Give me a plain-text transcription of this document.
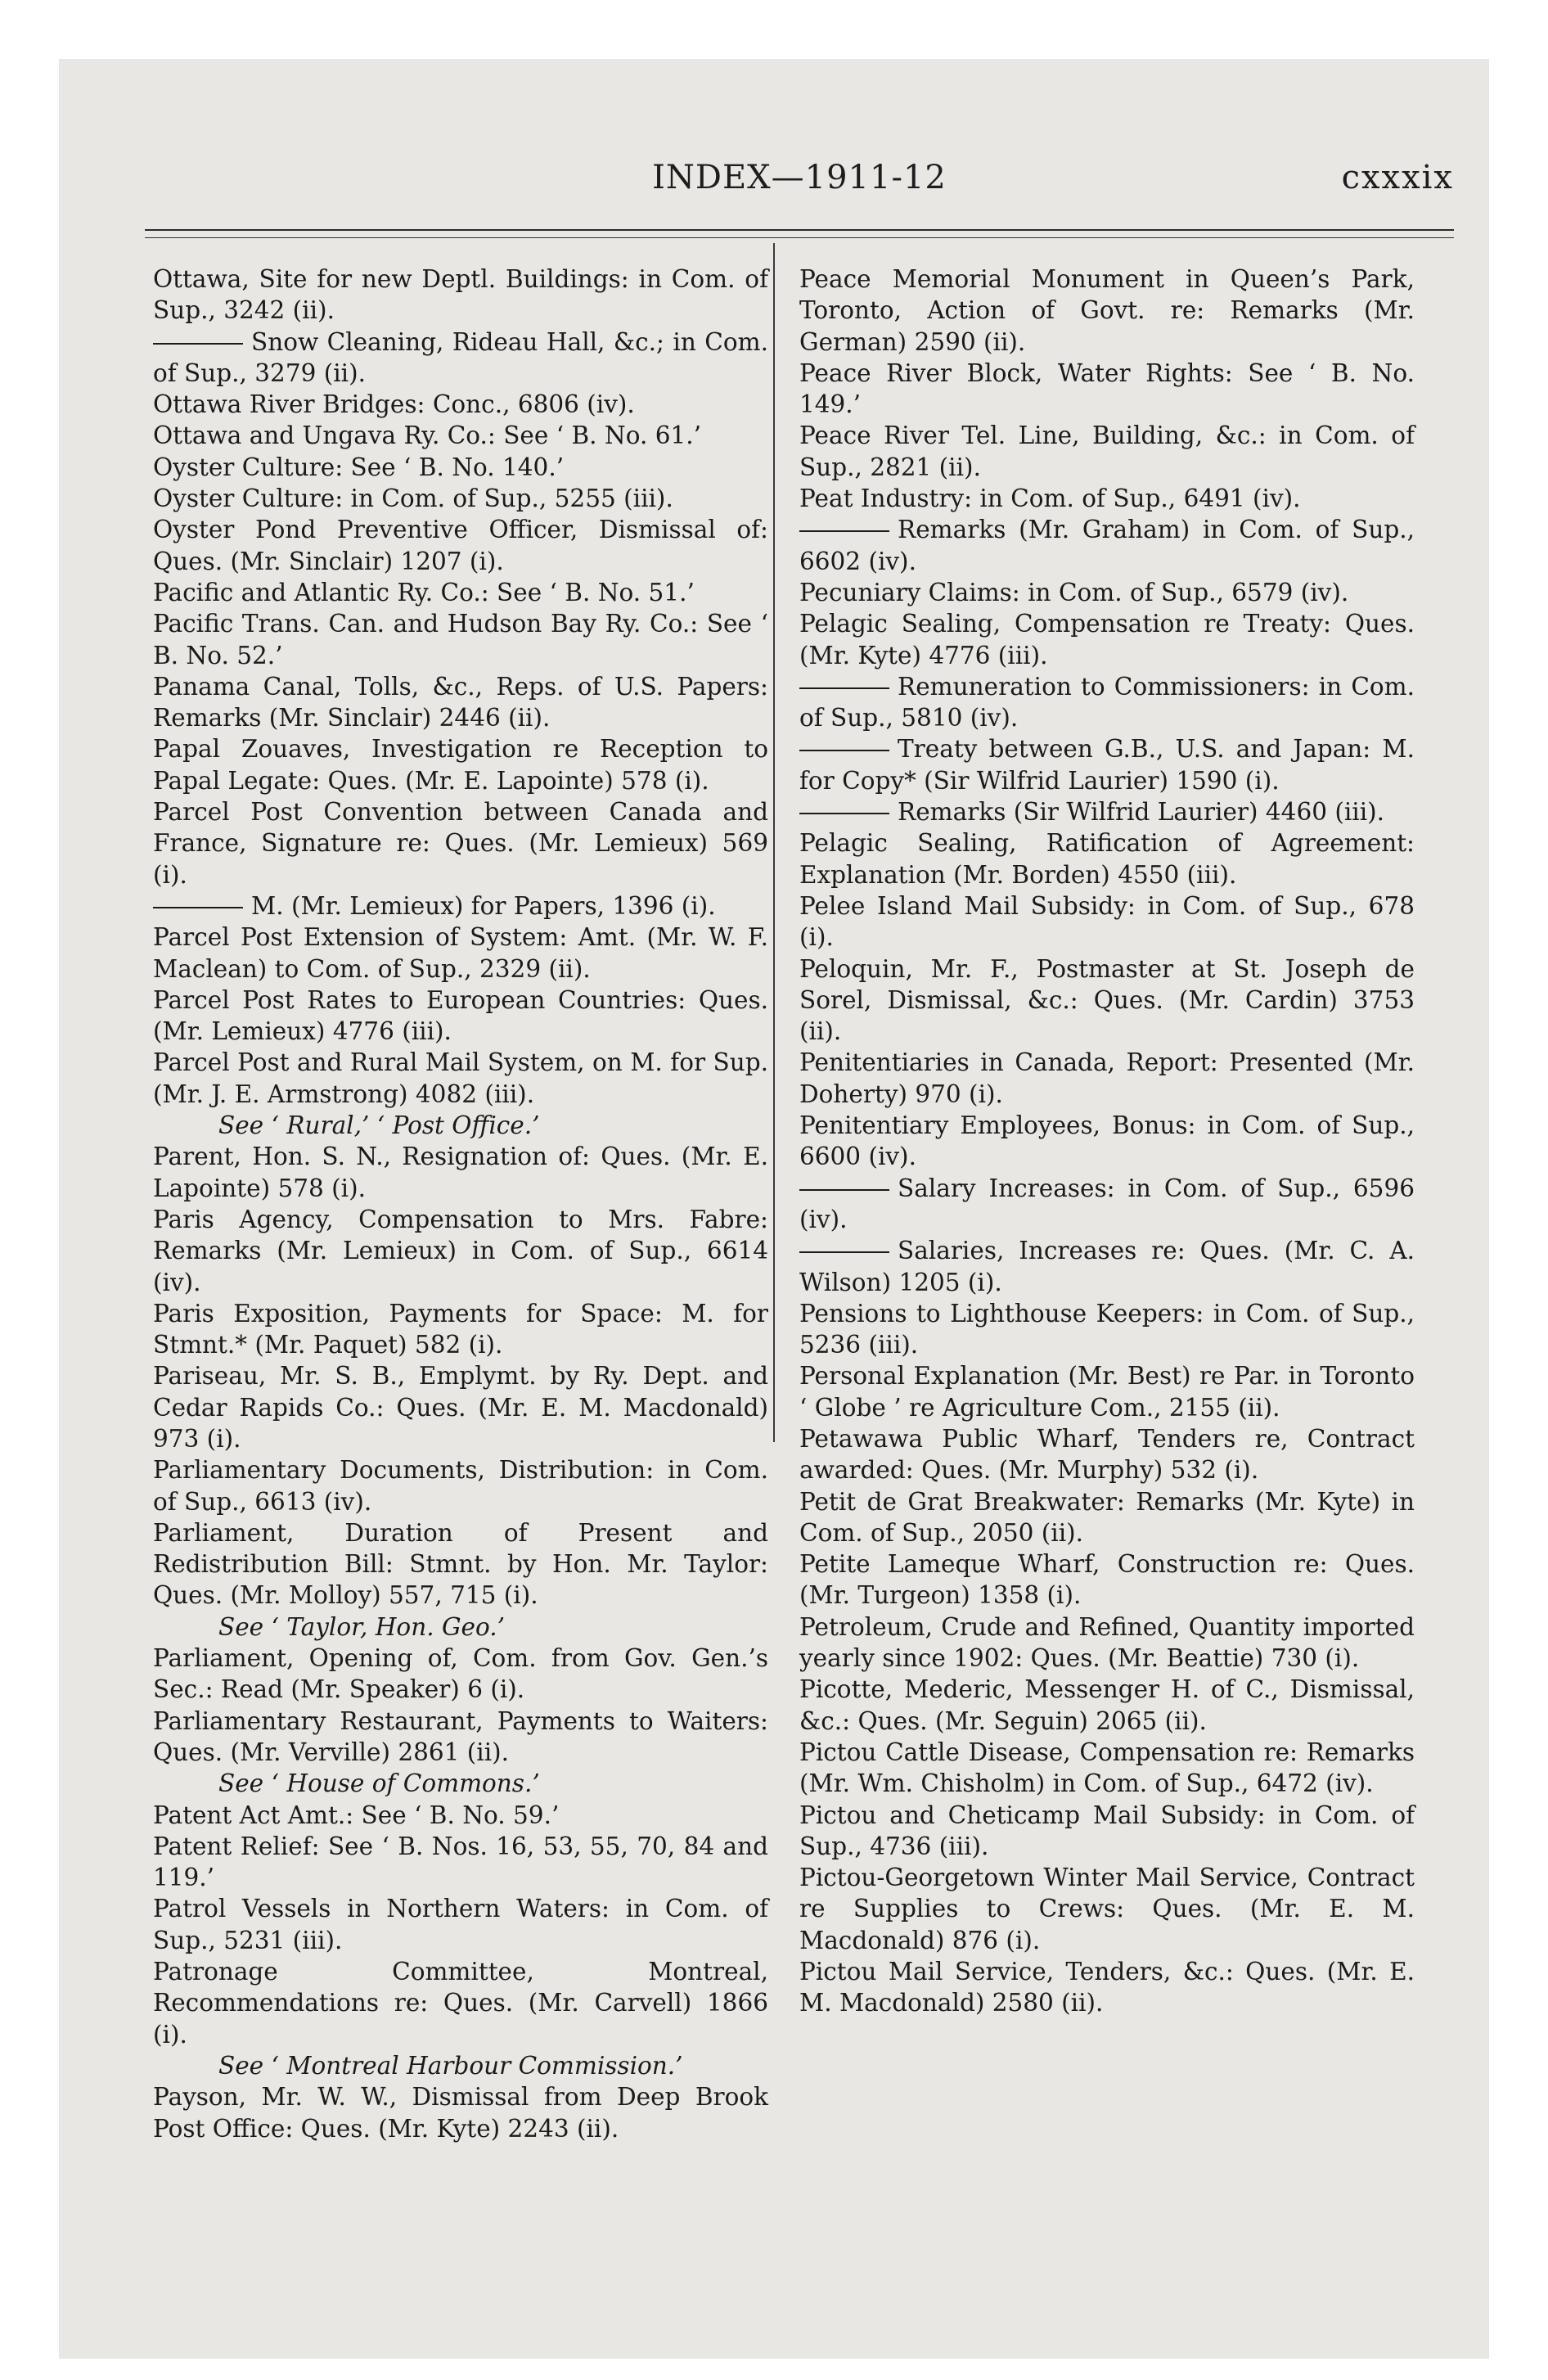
INDEX—1911-12	cxxxix

Ottawa, Site for new Deptl. Buildings: in Com. of Sup., 3242 (ii).

Snow Cleaning, Rideau Hall, &c.; in Com. of Sup., 3279 (ii).

Ottawa River Bridges: Conc., 6806 (iv).

Ottawa and Ungava Ry. Co.: See ‘ B. No. 61.’

Oyster Culture: See ‘ B. No. 140.’

Oyster Culture: in Com. of Sup., 5255 (iii).

Oyster Pond Preventive Officer, Dismissal of: Ques. (Mr. Sinclair) 1207 (i).

Pacific and Atlantic Ry. Co.: See ‘ B. No. 51.’

Pacific Trans. Can. and Hudson Bay Ry. Co.: See ‘ B. No. 52.’

Panama Canal, Tolls, &c., Reps. of U.S. Papers: Remarks (Mr. Sinclair) 2446 (ii).

Papal Zouaves, Investigation re Reception to Papal Legate: Ques. (Mr. E. Lapointe) 578 (i).

Parcel Post Convention between Canada and France, Signature re: Ques. (Mr. Lemieux) 569 (i).

M. (Mr. Lemieux) for Papers, 1396 (i).

Parcel Post Extension of System: Amt. (Mr. W. F. Maclean) to Com. of Sup., 2329 (ii).

Parcel Post Rates to European Countries: Ques. (Mr. Lemieux) 4776 (iii).

Parcel Post and Rural Mail System, on M. for Sup. (Mr. J. E. Armstrong) 4082 (iii).

See ‘ Rural,’ ‘ Post Office.’

Parent, Hon. S. N., Resignation of: Ques. (Mr. E. Lapointe) 578 (i).

Paris Agency, Compensation to Mrs. Fabre: Remarks (Mr. Lemieux) in Com. of Sup., 6614 (iv).

Paris Exposition, Payments for Space: M. for Stmnt.* (Mr. Paquet) 582 (i).

Pariseau, Mr. S. B., Emplymt. by Ry. Dept. and Cedar Rapids Co.: Ques. (Mr. E. M. Macdonald) 973 (i).

Parliamentary Documents, Distribution: in Com. of Sup., 6613 (iv).

Parliament, Duration of Present and Redistribution Bill: Stmnt. by Hon. Mr. Taylor: Ques. (Mr. Molloy) 557, 715 (i).

See ‘ Taylor, Hon. Geo.’

Parliament, Opening of, Com. from Gov. Gen.’s Sec.: Read (Mr. Speaker) 6 (i).

Parliamentary Restaurant, Payments to Waiters: Ques. (Mr. Verville) 2861 (ii).

See ‘ House of Commons.’

Patent Act Amt.: See ‘ B. No. 59.’

Patent Relief: See ‘ B. Nos. 16, 53, 55, 70, 84 and 119.’

Patrol Vessels in Northern Waters: in Com. of Sup., 5231 (iii).

Patronage Committee, Montreal, Recommendations re: Ques. (Mr. Carvell) 1866 (i).

See ‘ Montreal Harbour Commission.’

Payson, Mr. W. W., Dismissal from Deep Brook Post Office: Ques. (Mr. Kyte) 2243 (ii).

Peace Memorial Monument in Queen’s Park, Toronto, Action of Govt. re: Remarks (Mr. German) 2590 (ii).

Peace River Block, Water Rights: See ‘ B. No. 149.’

Peace River Tel. Line, Building, &c.: in Com. of Sup., 2821 (ii).

Peat Industry: in Com. of Sup., 6491 (iv).

Remarks (Mr. Graham) in Com. of Sup., 6602 (iv).

Pecuniary Claims: in Com. of Sup., 6579 (iv).

Pelagic Sealing, Compensation re Treaty: Ques. (Mr. Kyte) 4776 (iii).

Remuneration to Commissioners: in Com. of Sup., 5810 (iv).

Treaty between G.B., U.S. and Japan: M. for Copy* (Sir Wilfrid Laurier) 1590 (i).

Remarks (Sir Wilfrid Laurier) 4460 (iii).

Pelagic Sealing, Ratification of Agreement: Explanation (Mr. Borden) 4550 (iii).

Pelee Island Mail Subsidy: in Com. of Sup., 678 (i).

Peloquin, Mr. F., Postmaster at St. Joseph de Sorel, Dismissal, &c.: Ques. (Mr. Cardin) 3753 (ii).

Penitentiaries in Canada, Report: Presented (Mr. Doherty) 970 (i).

Penitentiary Employees, Bonus: in Com. of Sup., 6600 (iv).

Salary Increases: in Com. of Sup., 6596 (iv).

Salaries, Increases re: Ques. (Mr. C. A. Wilson) 1205 (i).

Pensions to Lighthouse Keepers: in Com. of Sup., 5236 (iii).

Personal Explanation (Mr. Best) re Par. in Toronto ‘ Globe ’ re Agriculture Com., 2155 (ii).

Petawawa Public Wharf, Tenders re, Contract awarded: Ques. (Mr. Murphy) 532 (i).

Petit de Grat Breakwater: Remarks (Mr. Kyte) in Com. of Sup., 2050 (ii).

Petite Lameque Wharf, Construction re: Ques. (Mr. Turgeon) 1358 (i).

Petroleum, Crude and Refined, Quantity imported yearly since 1902: Ques. (Mr. Beattie) 730 (i).

Picotte, Mederic, Messenger H. of C., Dismissal, &c.: Ques. (Mr. Seguin) 2065 (ii).

Pictou Cattle Disease, Compensation re: Remarks (Mr. Wm. Chisholm) in Com. of Sup., 6472 (iv).

Pictou and Cheticamp Mail Subsidy: in Com. of Sup., 4736 (iii).

Pictou-Georgetown Winter Mail Service, Contract re Supplies to Crews: Ques. (Mr. E. M. Macdonald) 876 (i).

Pictou Mail Service, Tenders, &c.: Ques. (Mr. E. M. Macdonald) 2580 (ii).
